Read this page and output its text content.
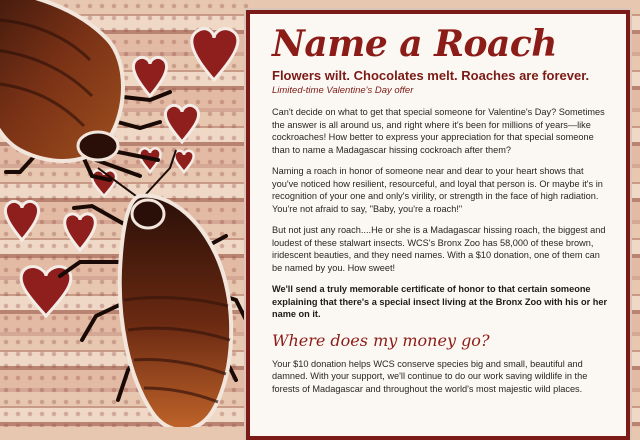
Name a Roach
Flowers wilt. Chocolates melt. Roaches are forever.
Limited-time Valentine's Day offer

Can't decide on what to get that special someone for Valentine's Day? Sometimes the answer is all around us, and right where it's been for millions of years—like cockroaches! How better to express your appreciation for that special someone than to name a Madagascar hissing cockroach after them?

Naming a roach in honor of someone near and dear to your heart shows that you've noticed how resilient, resourceful, and loyal that person is. Or maybe it's in recognition of your one and only's virility, or strength in the face of high radiation. You're not afraid to say, "Baby, you're a roach!"

But not just any roach....He or she is a Madagascar hissing roach, the biggest and loudest of these stalwart insects. WCS's Bronx Zoo has 58,000 of these brown, iridescent beauties, and they need names. With a $10 donation, one of them can be named by you. How sweet!

We'll send a truly memorable certificate of honor to that certain someone explaining that there's a special insect living at the Bronx Zoo with his or her name on it.

Where does my money go?

Your $10 donation helps WCS conserve species big and small, beautiful and damned. With your support, we'll continue to do our work saving wildlife in the forests of Madagascar and throughout the world's most majestic wild places.
